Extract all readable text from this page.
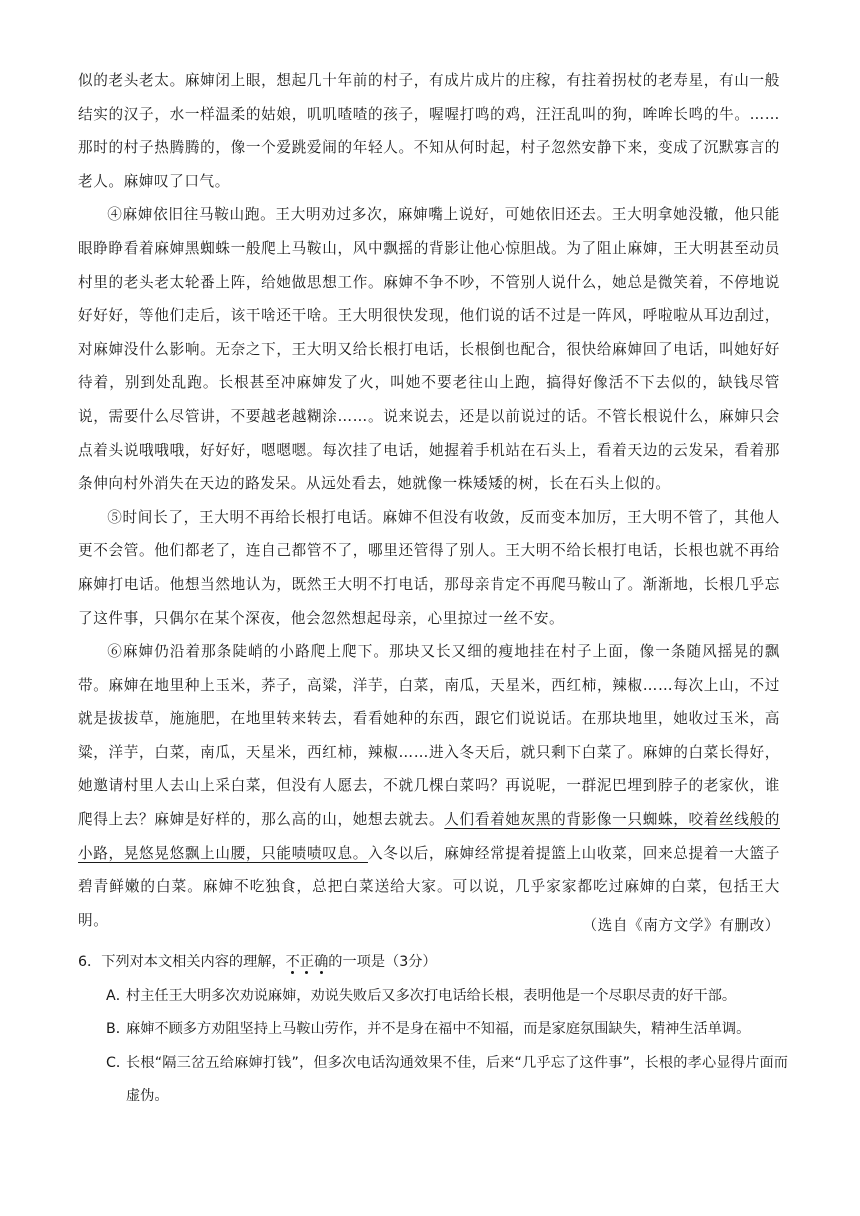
似的老头老太。麻婶闭上眼，想起几十年前的村子，有成片成片的庄稼，有拄着拐杖的老寿星，有山一般结实的汉子，水一样温柔的姑娘，叽叽喳喳的孩子，喔喔打鸣的鸡，汪汪乱叫的狗，哞哞长鸣的牛。……那时的村子热腾腾的，像一个爱跳爱闹的年轻人。不知从何时起，村子忽然安静下来，变成了沉默寡言的老人。麻婶叹了口气。

④麻婶依旧往马鞍山跑。王大明劝过多次，麻婶嘴上说好，可她依旧还去。王大明拿她没辙，他只能眼睁睁看着麻婶黑蜘蛛一般爬上马鞍山，风中飘摇的背影让他心惊胆战。为了阻止麻婶，王大明甚至动员村里的老头老太轮番上阵，给她做思想工作。麻婶不争不吵，不管别人说什么，她总是微笑着，不停地说好好好，等他们走后，该干啥还干啥。王大明很快发现，他们说的话不过是一阵风，呼啦啦从耳边刮过，对麻婶没什么影响。无奈之下，王大明又给长根打电话，长根倒也配合，很快给麻婶回了电话，叫她好好待着，别到处乱跑。长根甚至冲麻婶发了火，叫她不要老往山上跑，搞得好像活不下去似的，缺钱尽管说，需要什么尽管讲，不要越老越糊涂……。说来说去，还是以前说过的话。不管长根说什么，麻婶只会点着头说哦哦哦，好好好，嗯嗯嗯。每次挂了电话，她握着手机站在石头上，看着天边的云发呆，看着那条伸向村外消失在天边的路发呆。从远处看去，她就像一株矮矮的树，长在石头上似的。

⑤时间长了，王大明不再给长根打电话。麻婶不但没有收敛，反而变本加厉，王大明不管了，其他人更不会管。他们都老了，连自己都管不了，哪里还管得了别人。王大明不给长根打电话，长根也就不再给麻婶打电话。他想当然地认为，既然王大明不打电话，那母亲肯定不再爬马鞍山了。渐渐地，长根几乎忘了这件事，只偶尔在某个深夜，他会忽然想起母亲，心里掠过一丝不安。

⑥麻婶仍沿着那条陡峭的小路爬上爬下。那块又长又细的瘦地挂在村子上面，像一条随风摇晃的飘带。麻婶在地里种上玉米，荞子，高粱，洋芋，白菜，南瓜，天星米，西红柿，辣椒……每次上山，不过就是拔拔草，施施肥，在地里转来转去，看看她种的东西，跟它们说说话。在那块地里，她收过玉米，高粱，洋芋，白菜，南瓜，天星米，西红柿，辣椒……进入冬天后，就只剩下白菜了。麻婶的白菜长得好，她邀请村里人去山上采白菜，但没有人愿去，不就几棵白菜吗？再说呢，一群泥巴埋到脖子的老家伙，谁爬得上去？麻婶是好样的，那么高的山，她想去就去。人们看着她灰黑的背影像一只蜘蛛，咬着丝线般的小路，晃悠晃悠飘上山腰，只能啧啧叹息。入冬以后，麻婶经常提着提篮上山收菜，回来总提着一大篮子碧青鲜嫩的白菜。麻婶不吃独食，总把白菜送给大家。可以说，几乎家家都吃过麻婶的白菜，包括王大明。	（选自《南方文学》有删改）

6．下列对本文相关内容的理解，不正确的一项是（3分）

A．
村主任王大明多次劝说麻婶，劝说失败后又多次打电话给长根，表明他是一个尽职尽责的好干部。
B．
麻婶不顾多方劝阻坚持上马鞍山劳作，并不是身在福中不知福，而是家庭氛围缺失，精神生活单调。
C．
长根“隔三岔五给麻婶打钱”，但多次电话沟通效果不佳，后来“几乎忘了这件事”，长根的孝心显得片面而虚伪。
